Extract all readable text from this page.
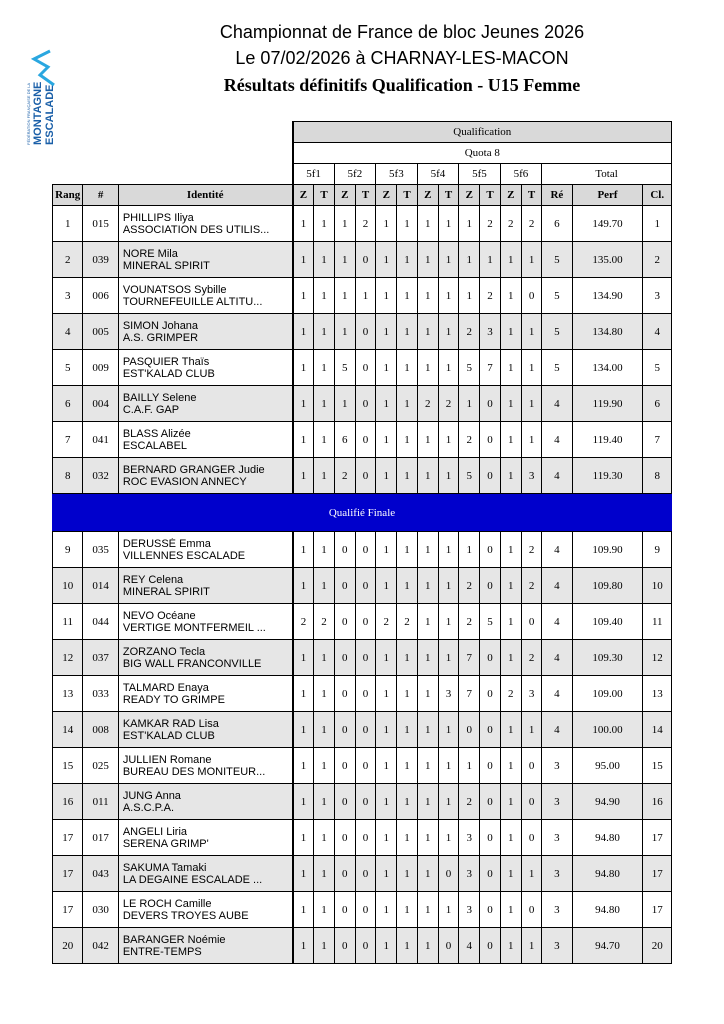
FÉDÉRATION FRANÇAISE DE LA MONTAGNE ESCALADE
Championnat de France de bloc Jeunes 2026
Le 07/02/2026 à CHARNAY-LES-MACON
Résultats définitifs Qualification - U15 Femme
			Qualification														
			Quota 8														
			5f1		5f2		5f3		5f4		5f5		5f6		Total		
Rang	#	Identité	Z	T	Z	T	Z	T	Z	T	Z	T	Z	T	Ré	Perf	Cl.
1	015	PHILLIPS Iliya
ASSOCIATION DES UTILIS...	1	1	1	2	1	1	1	1	1	2	2	2	6	149.70	1
2	039	NORE Mila
MINERAL SPIRIT	1	1	1	0	1	1	1	1	1	1	1	1	5	135.00	2
3	006	VOUNATSOS Sybille
TOURNEFEUILLE ALTITU...	1	1	1	1	1	1	1	1	1	2	1	0	5	134.90	3
4	005	SIMON Johana
A.S. GRIMPER	1	1	1	0	1	1	1	1	2	3	1	1	5	134.80	4
5	009	PASQUIER Thaïs
EST'KALAD CLUB	1	1	5	0	1	1	1	1	5	7	1	1	5	134.00	5
6	004	BAILLY Selene
C.A.F. GAP	1	1	1	0	1	1	2	2	1	0	1	1	4	119.90	6
7	041	BLASS Alizée
ESCALABEL	1	1	6	0	1	1	1	1	2	0	1	1	4	119.40	7
8	032	BERNARD GRANGER Judie
ROC EVASION ANNECY	1	1	2	0	1	1	1	1	5	0	1	3	4	119.30	8
Qualifié Finale																	
9	035	DERUSSÉ Emma
VILLENNES ESCALADE	1	1	0	0	1	1	1	1	1	0	1	2	4	109.90	9
10	014	REY Celena
MINERAL SPIRIT	1	1	0	0	1	1	1	1	2	0	1	2	4	109.80	10
11	044	NEVO Océane
VERTIGE MONTFERMEIL ...	2	2	0	0	2	2	1	1	2	5	1	0	4	109.40	11
12	037	ZORZANO Tecla
BIG WALL FRANCONVILLE	1	1	0	0	1	1	1	1	7	0	1	2	4	109.30	12
13	033	TALMARD Enaya
READY TO GRIMPE	1	1	0	0	1	1	1	3	7	0	2	3	4	109.00	13
14	008	KAMKAR RAD Lisa
EST'KALAD CLUB	1	1	0	0	1	1	1	1	0	0	1	1	4	100.00	14
15	025	JULLIEN Romane
BUREAU DES MONITEUR...	1	1	0	0	1	1	1	1	1	0	1	0	3	95.00	15
16	011	JUNG Anna
A.S.C.P.A.	1	1	0	0	1	1	1	1	2	0	1	0	3	94.90	16
17	017	ANGELI Liria
SERENA GRIMP'	1	1	0	0	1	1	1	1	3	0	1	0	3	94.80	17
17	043	SAKUMA Tamaki
LA DEGAINE ESCALADE ...	1	1	0	0	1	1	1	0	3	0	1	1	3	94.80	17
17	030	LE ROCH Camille
DEVERS TROYES AUBE	1	1	0	0	1	1	1	1	3	0	1	0	3	94.80	17
20	042	BARANGER Noémie
ENTRE-TEMPS	1	1	0	0	1	1	1	0	4	0	1	1	3	94.70	20
